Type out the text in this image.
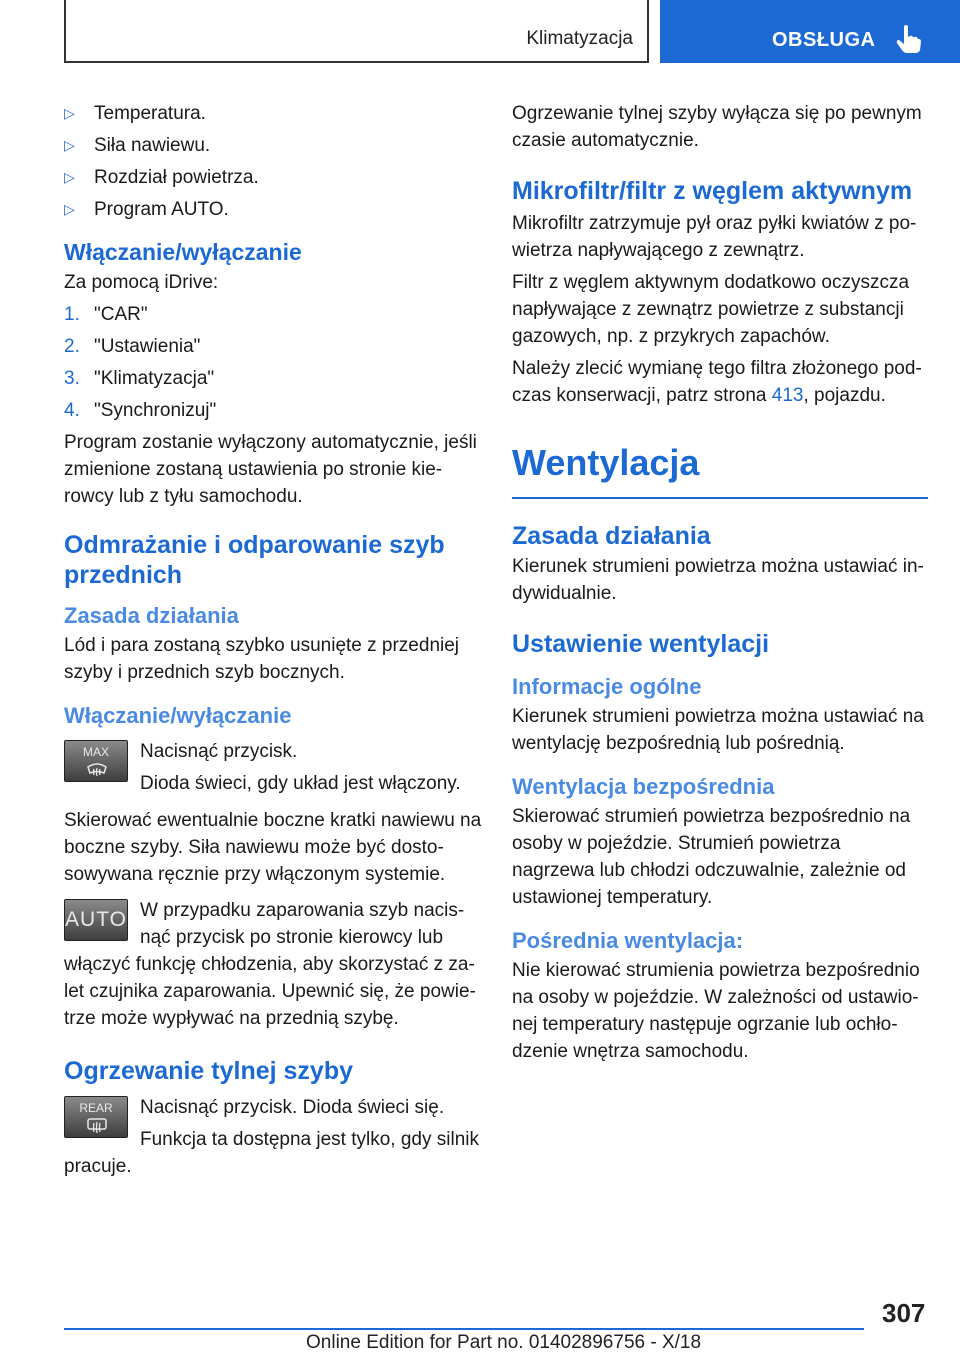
Klimatyzacja	OBSŁUGA
▷	Temperatura.
▷	Siła nawiewu.
▷	Rozdział powietrza.
▷	Program AUTO.
Włączanie/wyłączanie

Za pomocą iDrive:

1. "CAR"
2. "Ustawienia"
3. "Klimatyzacja"
4. "Synchronizuj"

Program zostanie wyłączony automatycznie, jeśli zmienione zostaną ustawienia po stronie kierowcy lub z tyłu samochodu.

Odmrażanie i odparowanie szyb przednich
Zasada działania

Lód i para zostaną szybko usunięte z przedniej szyby i przednich szyb bocznych.

Włączanie/wyłączanie
MAX	Nacisnąć przycisk.

Dioda świeci, gdy układ jest włączony.

Skierować ewentualnie boczne kratki nawiewu na boczne szyby. Siła nawiewu może być dostosowywana ręcznie przy włączonym systemie.

AUTO W przypadku zaparowania szyb nacisnąć przycisk po stronie kierowcy lub włączyć funkcję chłodzenia, aby skorzystać z zalet czujnika zaparowania. Upewnić się, że powietrze może wypływać na przednią szybę.

Ogrzewanie tylnej szyby
REAR	Nacisnąć przycisk. Dioda świeci się.

Funkcja ta dostępna jest tylko, gdy silnik pracuje.

Ogrzewanie tylnej szyby wyłącza się po pewnym czasie automatycznie.

Mikrofiltr/filtr z węglem aktywnym

Mikrofiltr zatrzymuje pył oraz pyłki kwiatów z powietrza napływającego z zewnątrz.

Filtr z węglem aktywnym dodatkowo oczyszcza napływające z zewnątrz powietrze z substancji gazowych, np. z przykrych zapachów.

Należy zlecić wymianę tego filtra złożonego podczas konserwacji, patrz strona 413, pojazdu.

Wentylacja
Zasada działania

Kierunek strumieni powietrza można ustawiać indywidualnie.

Ustawienie wentylacji
Informacje ogólne

Kierunek strumieni powietrza można ustawiać na wentylację bezpośrednią lub pośrednią.

Wentylacja bezpośrednia

Skierować strumień powietrza bezpośrednio na osoby w pojeździe. Strumień powietrza nagrzewa lub chłodzi odczuwalnie, zależnie od ustawionej temperatury.

Pośrednia wentylacja:

Nie kierować strumienia powietrza bezpośrednio na osoby w pojeździe. W zależności od ustawionej temperatury następuje ogrzanie lub ochłodzenie wnętrza samochodu.

307
Online Edition for Part no. 01402896756 - X/18
